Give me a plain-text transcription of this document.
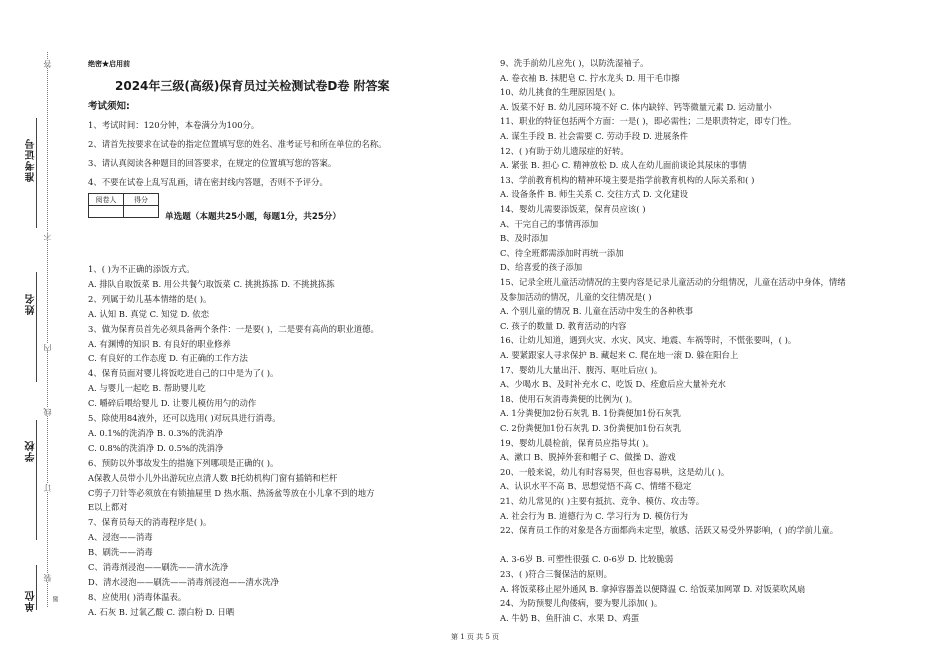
准考证号
姓名
学校
单位
答
不
内
线
订
装
题
绝密★启用前
2024年三级(高级)保育员过关检测试卷D卷 附答案
考试须知:
1、考试时间：120分钟，本卷满分为100分。
2、请首先按要求在试卷的指定位置填写您的姓名、准考证号和所在单位的名称。
3、请认真阅读各种题目的回答要求，在规定的位置填写您的答案。
4、不要在试卷上乱写乱画，请在密封线内答题，否则不予评分。
阅卷人	得分

单选题（本题共25小题，每题1分，共25分）
1、( )为不正确的添饭方式。
A. 排队自取饭菜 B. 用公共餐勺取饭菜 C. 挑挑拣拣 D. 不挑挑拣拣
2、列属于幼儿基本情绪的是( )。
A. 认知 B. 真觉 C. 知觉 D. 依恋
3、做为保育员首先必须具备两个条件：一是要( )，二是要有高尚的职业道德。
A. 有渊博的知识 B. 有良好的职业修养
C. 有良好的工作态度 D. 有正确的工作方法
4、保育员面对婴儿将饭吃进自己的口中是为了( )。
A. 与婴儿一起吃 B. 帮助婴儿吃
C. 嚼碎后喂给婴儿 D. 让婴儿模仿用勺的动作
5、除使用84液外，还可以选用( )对玩具进行消毒。
A. 0.1%的洗消净 B. 0.3%的洗消净
C. 0.8%的洗消净 D. 0.5%的洗消净
6、预防以外事故发生的措施下列哪项是正确的( )。
A保教人员带小儿外出游玩应点清人数 B托幼机构门窗有插销和栏杆
C剪子刀针等必须放在有锁抽屉里 D 热水瓶、热汤盆等放在小儿拿不到的地方
E以上都对
7、保育员每天的消毒程序是( )。
A、浸泡——消毒
B、刷洗——消毒
C、消毒剂浸泡——刷洗——清水洗净
D、清水浸泡——刷洗——消毒剂浸泡——清水洗净
8、应使用( )消毒体温表。
A. 石灰 B. 过氧乙酸 C. 漂白粉 D. 日晒
9、洗手前幼儿应先( )，以防洗湿袖子。
A. 卷衣袖 B. 抹肥皂 C. 拧水龙头 D. 用干毛巾擦
10、幼儿挑食的生理原因是( )。
A. 饭菜不好 B. 幼儿园环境不好 C. 体内缺锌、钙等微量元素 D. 运动量小
11、职业的特征包括两个方面：一是( )，即必需性；二是职责特定，即专门性。
A. 谋生手段 B. 社会需要 C. 劳动手段 D. 进展条件
12、( )有助于幼儿遗尿症的好转。
A. 紧张 B. 担心 C. 精神放松 D. 成人在幼儿面前谈论其尿床的事情
13、学前教育机构的精神环境主要是指学前教育机构的人际关系和( )
A. 设备条件 B. 师生关系 C. 交往方式 D. 文化建设
14、婴幼儿需要添饭菜，保育员应该( )
A、干完自己的事情再添加
B、及时添加
C、待全班都需添加时再统一添加
D、给喜爱的孩子添加
15、记录全班儿童活动情况的主要内容是记录儿童活动的分组情况，儿童在活动中身体，情绪
及参加活动的情况，儿童的交往情况是( )
A. 个别儿童的情况 B. 儿童在活动中发生的各种秩事
C. 孩子的数量 D. 教育活动的内容
16、让幼儿知道，遇到火灾、水灾、风灾、地震、车祸等时，不慌张要叫，( )。
A. 要紧跟家人寻求保护 B. 藏起来 C. 爬在地一滚 D. 躲在阳台上
17、婴幼儿大量出汗、腹泻、呕吐后应( )。
A、少喝水 B、及时补充水 C、吃饭 D、痊愈后应大量补充水
18、使用石灰消毒粪便的比例为( )。
A. 1分粪便加2份石灰乳 B. 1份粪便加1份石灰乳
C. 2份粪便加1份石灰乳 D. 3份粪便加1份石灰乳
19、婴幼儿晨检前，保育员应指导其( )。
A、漱口 B、脱掉外套和帽子 C、做操 D、游戏
20、一般来说，幼儿有时容易哭，但也容易哄，这是幼儿( )。
A、认识水平不高 B、思想觉悟不高 C、情绪不稳定
21、幼儿常见的( )主要有抵抗、竞争、模仿、攻击等。
A. 社会行为 B. 道德行为 C. 学习行为 D. 模仿行为
22、保育员工作的对象是各方面都尚未定型，敏感、活跃又易受外界影响，( )的学前儿童。
A. 3-6岁 B. 可塑性很强 C. 0-6岁 D. 比较脆弱
23、( )符合三餐保洁的原则。
A. 将饭菜移止屋外通风 B. 拿掉容器盖以便降温 C. 给饭菜加网罩 D. 对饭菜吹风扇
24、为防预婴儿佝偻病，要为婴儿添加( )。
A. 牛奶 B、鱼肝油 C、水果 D、鸡蛋
第 1 页 共 5 页
